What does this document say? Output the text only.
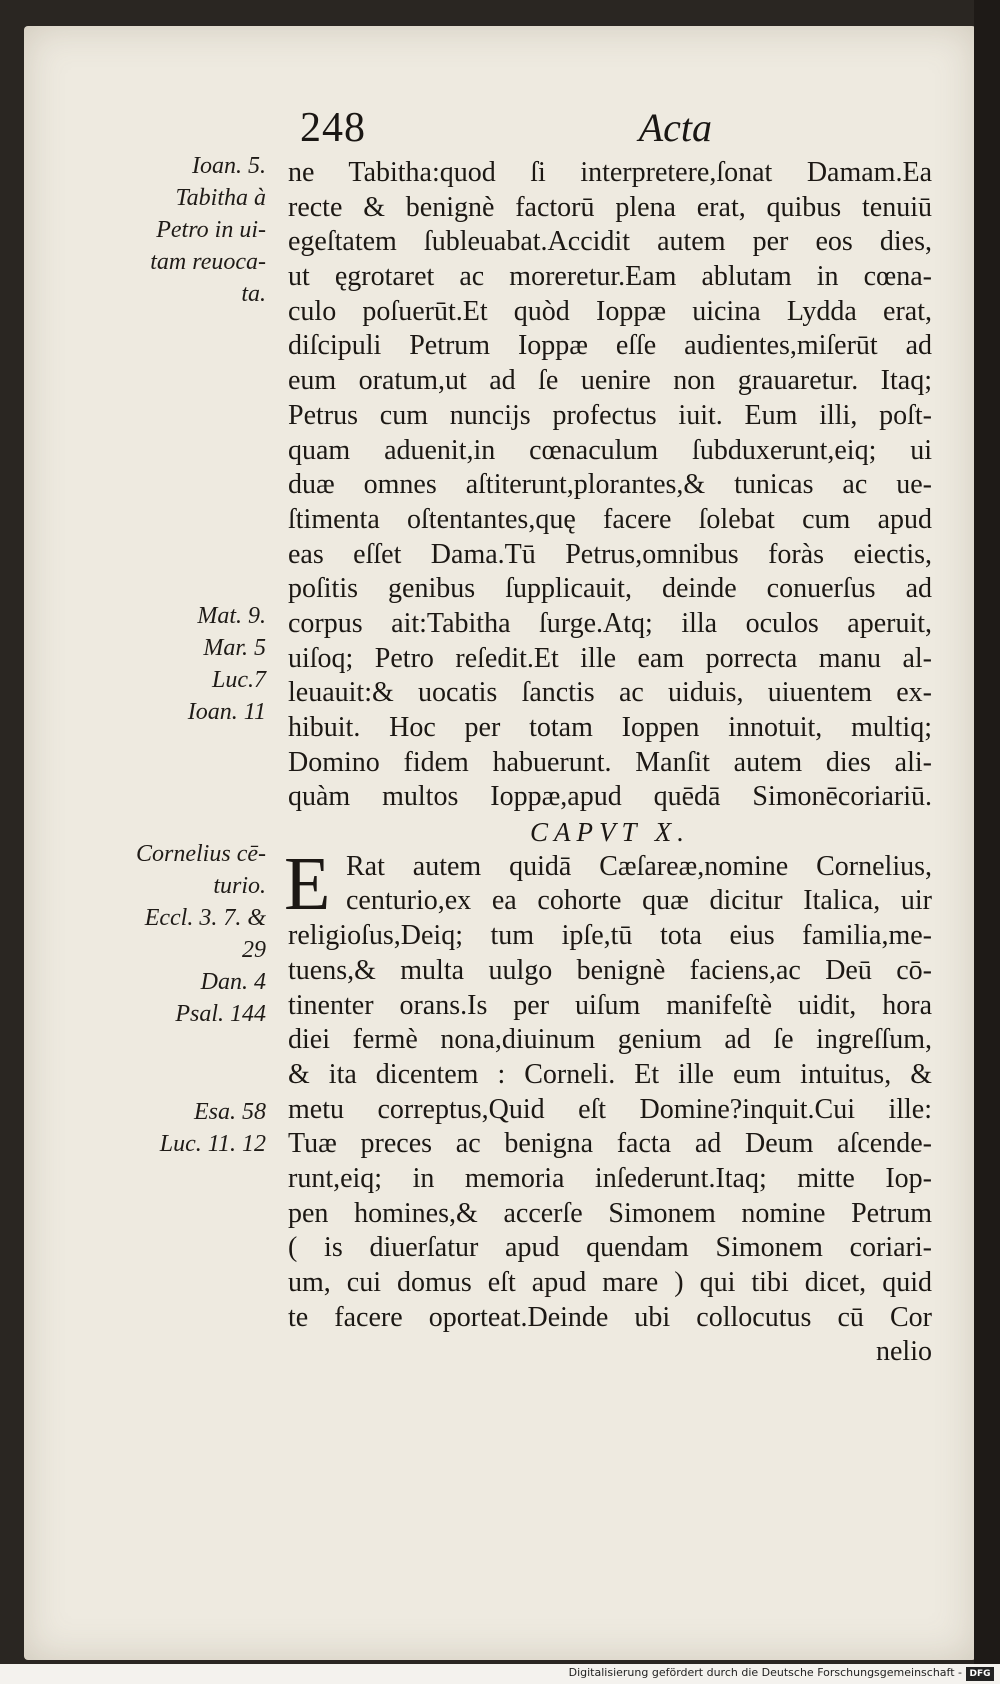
248	Acta
Ioan. 5.
Tabitha à
Petro in ui-
tam reuoca-
ta.
Mat. 9.
Mar. 5
Luc.7
Ioan. 11
Cornelius cē-
turio.
Eccl. 3. 7. &
29
Dan. 4
Psal. 144
Esa. 58
Luc. 11. 12
ne Tabitha:quod ſi interpretere,ſonat Damam.Ea
recte & benignè factorū plena erat, quibus tenuiū
egeſtatem ſubleuabat.Accidit autem per eos dies,
ut ęgrotaret ac moreretur.Eam ablutam in cœna-
culo poſuerūt.Et quòd Ioppæ uicina Lydda erat,
diſcipuli Petrum Ioppæ eſſe audientes,miſerūt ad
eum oratum,ut ad ſe uenire non grauaretur. Itaq;
Petrus cum nuncijs profectus iuit. Eum illi, poſt-
quam aduenit,in cœnaculum ſubduxerunt,eiq; ui
duæ omnes aſtiterunt,plorantes,& tunicas ac ue-
ſtimenta oſtentantes,quę facere ſolebat cum apud
eas eſſet Dama.Tū Petrus,omnibus foràs eiectis,
poſitis genibus ſupplicauit, deinde conuerſus ad
corpus ait:Tabitha ſurge.Atq; illa oculos aperuit,
uiſoq; Petro reſedit.Et ille eam porrecta manu al-
leuauit:& uocatis ſanctis ac uiduis, uiuentem ex-
hibuit. Hoc per totam Ioppen innotuit, multiq;
Domino fidem habuerunt. Manſit autem dies ali-
quàm multos Ioppæ,apud quēdā Simonēcoriariū.
CAPVT X.
E Rat autem quidā Cæſareæ,nomine Cornelius,
centurio,ex ea cohorte quæ dicitur Italica, uir
religioſus,Deiq; tum ipſe,tū tota eius familia,me-
tuens,& multa uulgo benignè faciens,ac Deū cō-
tinenter orans.Is per uiſum manifeſtè uidit, hora
diei fermè nona,diuinum genium ad ſe ingreſſum,
& ita dicentem : Corneli. Et ille eum intuitus, &
metu correptus,Quid eſt Domine?inquit.Cui ille:
Tuæ preces ac benigna facta ad Deum aſcende-
runt,eiq; in memoria inſederunt.Itaq; mitte Iop-
pen homines,& accerſe Simonem nomine Petrum
( is diuerſatur apud quendam Simonem coriari-
um, cui domus eſt apud mare ) qui tibi dicet, quid
te facere oporteat.Deinde ubi collocutus cū Cor
nelio
Digitalisierung gefördert durch die Deutsche Forschungsgemeinschaft - DFG
